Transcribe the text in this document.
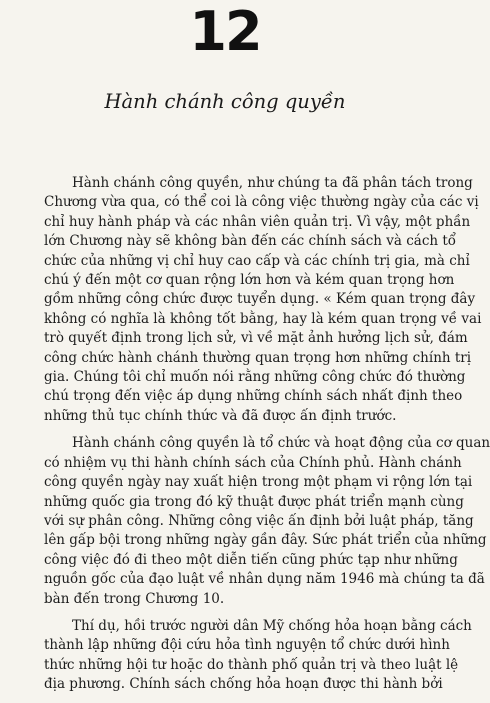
12
Hành chánh công quyền

Hành chánh công quyền, như chúng ta đã phân tách trong
Chương vừa qua, có thể coi là công việc thường ngày của các vị
chỉ huy hành pháp và các nhân viên quản trị. Vì vậy, một phần
lớn Chương này sẽ không bàn đến các chính sách và cách tổ
chức của những vị chỉ huy cao cấp và các chính trị gia, mà chỉ
chú ý đến một cơ quan rộng lớn hơn và kém quan trọng hơn
gồm những công chức được tuyển dụng. « Kém quan trọng đây
không có nghĩa là không tốt bằng, hay là kém quan trọng về vai
trò quyết định trong lịch sử, vì về mặt ảnh hưởng lịch sử, đám
công chức hành chánh thường quan trọng hơn những chính trị
gia. Chúng tôi chỉ muốn nói rằng những công chức đó thường
chú trọng đến việc áp dụng những chính sách nhất định theo
những thủ tục chính thức và đã được ấn định trước.

Hành chánh công quyền là tổ chức và hoạt động của cơ quan
có nhiệm vụ thi hành chính sách của Chính phủ. Hành chánh
công quyền ngày nay xuất hiện trong một phạm vi rộng lớn tại
những quốc gia trong đó kỹ thuật được phát triển mạnh cùng
với sự phân công. Những công việc ấn định bởi luật pháp, tăng
lên gấp bội trong những ngày gần đây. Sức phát triển của những
công việc đó đi theo một diễn tiến cũng phức tạp như những
nguồn gốc của đạo luật về nhân dụng năm 1946 mà chúng ta đã
bàn đến trong Chương 10.

Thí dụ, hồi trước người dân Mỹ chống hỏa hoạn bằng cách
thành lập những đội cứu hỏa tình nguyện tổ chức dưới hình
thức những hội tư hoặc do thành phố quản trị và theo luật lệ
địa phương. Chính sách chống hỏa hoạn được thi hành bởi
